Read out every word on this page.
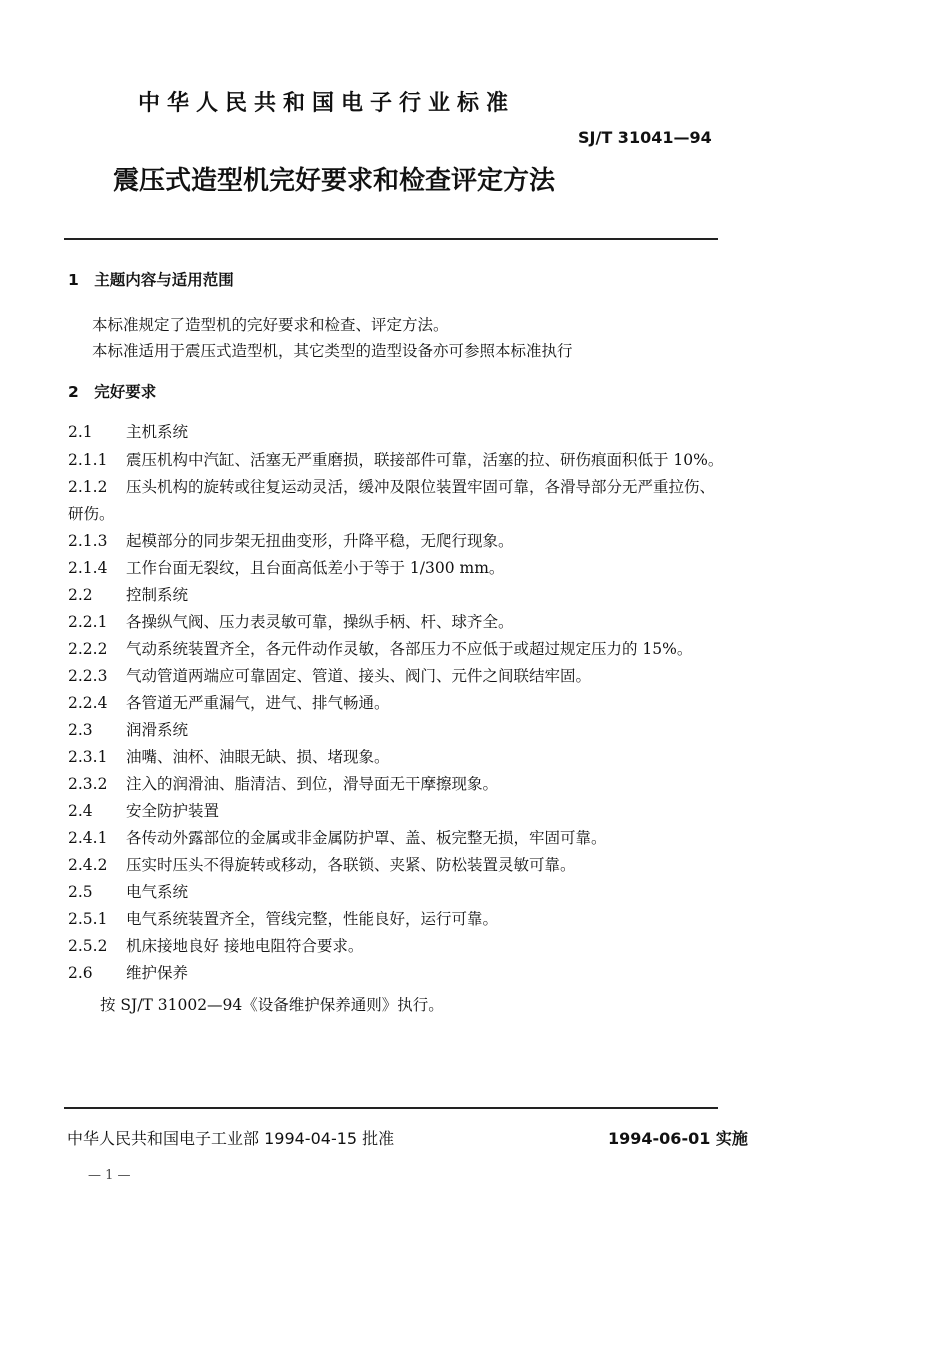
中华人民共和国电子行业标准
SJ/T 31041—94
震压式造型机完好要求和检查评定方法
1　主题内容与适用范围
本标准规定了造型机的完好要求和检查、评定方法。
本标准适用于震压式造型机，其它类型的造型设备亦可参照本标准执行
2　完好要求
2.1 主机系统
2.1.1 震压机构中汽缸、活塞无严重磨损，联接部件可靠，活塞的拉、研伤痕面积低于 10%。
2.1.2 压头机构的旋转或往复运动灵活，缓冲及限位装置牢固可靠，各滑导部分无严重拉伤、
研伤。
2.1.3 起模部分的同步架无扭曲变形，升降平稳，无爬行现象。
2.1.4 工作台面无裂纹，且台面高低差小于等于 1/300 mm。
2.2 控制系统
2.2.1 各操纵气阀、压力表灵敏可靠，操纵手柄、杆、球齐全。
2.2.2 气动系统装置齐全，各元件动作灵敏，各部压力不应低于或超过规定压力的 15%。
2.2.3 气动管道两端应可靠固定、管道、接头、阀门、元件之间联结牢固。
2.2.4 各管道无严重漏气，进气、排气畅通。
2.3 润滑系统
2.3.1 油嘴、油杯、油眼无缺、损、堵现象。
2.3.2 注入的润滑油、脂清洁、到位，滑导面无干摩擦现象。
2.4 安全防护装置
2.4.1 各传动外露部位的金属或非金属防护罩、盖、板完整无损，牢固可靠。
2.4.2 压实时压头不得旋转或移动，各联锁、夹紧、防松装置灵敏可靠。
2.5 电气系统
2.5.1 电气系统装置齐全，管线完整，性能良好，运行可靠。
2.5.2 机床接地良好 接地电阻符合要求。
2.6 维护保养
按 SJ/T 31002—94《设备维护保养通则》执行。
中华人民共和国电子工业部 1994-04-15 批准	1994-06-01 实施
— 1 —
